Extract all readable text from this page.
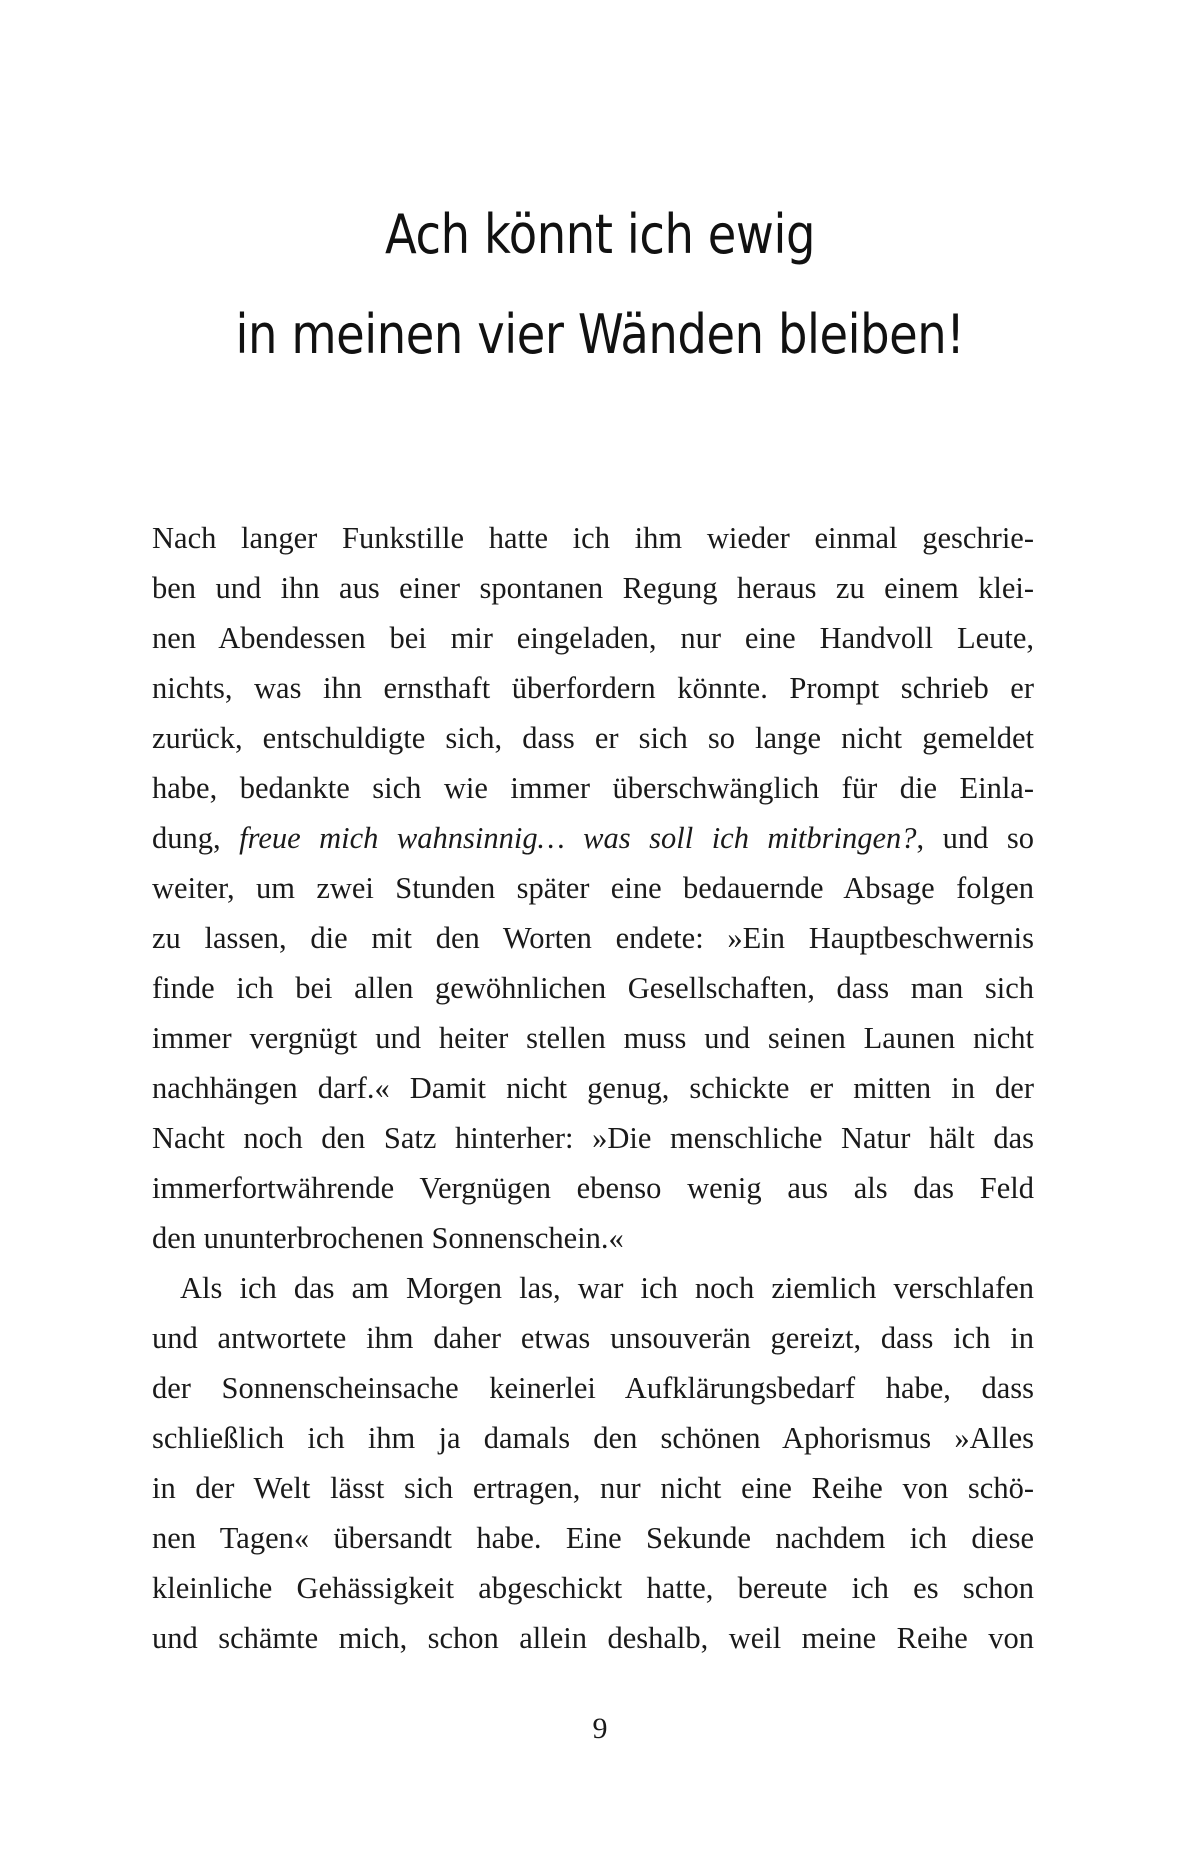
Ach könnt ich ewig
in meinen vier Wänden bleiben!
Nach langer Funkstille hatte ich ihm wieder einmal geschrie-
ben und ihn aus einer spontanen Regung heraus zu einem klei-
nen Abendessen bei mir eingeladen, nur eine Handvoll Leute,
nichts, was ihn ernsthaft überfordern könnte. Prompt schrieb er
zurück, entschuldigte sich, dass er sich so lange nicht gemeldet
habe, bedankte sich wie immer überschwänglich für die Einla-
dung, freue mich wahnsinnig… was soll ich mitbringen?, und so
weiter, um zwei Stunden später eine bedauernde Absage folgen
zu lassen, die mit den Worten endete: »Ein Hauptbeschwernis
finde ich bei allen gewöhnlichen Gesellschaften, dass man sich
immer vergnügt und heiter stellen muss und seinen Launen nicht
nachhängen darf.« Damit nicht genug, schickte er mitten in der
Nacht noch den Satz hinterher: »Die menschliche Natur hält das
immerfortwährende Vergnügen ebenso wenig aus als das Feld
den ununterbrochenen Sonnenschein.«
Als ich das am Morgen las, war ich noch ziemlich verschlafen
und antwortete ihm daher etwas unsouverän gereizt, dass ich in
der Sonnenscheinsache keinerlei Aufklärungsbedarf habe, dass
schließlich ich ihm ja damals den schönen Aphorismus »Alles
in der Welt lässt sich ertragen, nur nicht eine Reihe von schö-
nen Tagen« übersandt habe. Eine Sekunde nachdem ich diese
kleinliche Gehässigkeit abgeschickt hatte, bereute ich es schon
und schämte mich, schon allein deshalb, weil meine Reihe von
9
